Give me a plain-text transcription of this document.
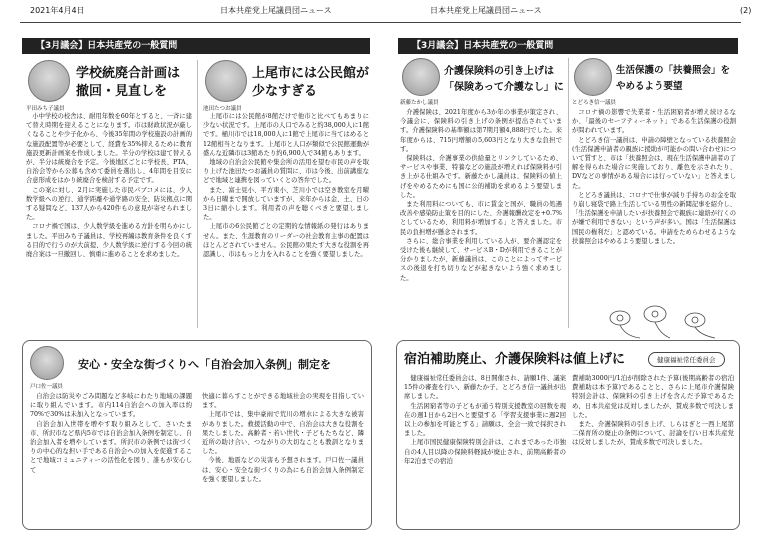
2021年4月4日	日本共産党上尾議員団ニュース	日本共産党上尾議員団ニュース	(2)
【3月議会】日本共産党の一般質問
平田みち子議員
学校統廃合計画は
撤回・見直しを

小中学校の校舎は、耐用年数を60年とすると、一斉に建て替え時期を迎えることになります。市は財政状況が厳しくなることや少子化から、今後35年間の学校施設の計画的な施設配置等が必要として、経費を35%抑えるために教育施設更新計画案を作成しました。半分の学校は建て替えるが、半分は統廃合を予定。今後地区ごとに学校長、PTA、自治会等から公募も含めて委員を選出し、4年間を目安に合意形成をはかり統廃合を検討する予定です。

この案に対し、2月に実施した市民パブコメには、少人数学級への逆行、通学距離や通学路の安全、防災拠点に関する疑問など、137人から420件もの意見が寄せられました。

コロナ禍で国は、少人数学級を進める方針を明らかにしました。平田みち子議員は、学校再編は教育条件を良くする目的で行うのが大前提、少人数学級に逆行する今回の統廃合案は一旦撤回し、慎重に進めることを求めました。

池田たつお議員
上尾市には公民館が
少なすぎる

上尾市には公民館が8館だけで他市と比べてもあまりに少ない状況です。上尾市の人口でみると約38,000人に1館です。桶川市では18,000人に1館で上尾市に当てはめると12館相当となります。上尾市と人口が類似で公民館運動が盛んな近隣市は3館あたり約6,900人で34館もあります。

地域の自治会公民館や集会所の活用を望む市民の声を取り上げた池田たつお議員の質問に、市は今後、出前講座などで地域と連携を図っていくとの答弁でした。

また、富士見小、平方東小、芝川小では空き教室を月曜から日曜まで開放していますが、来年からは金、土、日の3日に縮小します。利用者の声を聴くべきと要望しました。

上尾市の6公民館ごとの定期的な情報紙の発行はありません。また、生涯教育のリーダーの社会教育主事の配置はほとんどされていません。公民館の果たす大きな役割を再認識し、市はもっと力を入れることを強く要望しました。

戸口佐一議員
安心・安全な街づくりへ「自治会加入条例」制定を

自治会は防災やごみ問題など多岐にわたり地域の課題に取り組んでいます。市内114自治会への加入率は約70%で30%は未加入となっています。

自治会加入世帯を増やす取り組みとして、さいたま市、所沢市など県内5市では自治会加入条例を制定し、自治会加入者を増やしています。所沢市の条例では街づくりの中心的な担い手である自治会への加入を促進することで地域コミュニティーの活性化を図り、誰もが安心して

快適に暮らすことができる地域社会の実現を目指しています。

上尾市では、集中豪雨で荒川の増水による大きな被害がありました。救援活動の中で、自治会は大きな役割を果たしました。高齢者・若い世代・子どもたちなど、隣近所の助け合い、つながりの大切なことも教訓となりました。

今後、地震などの災害も予想されます。戸口佐一議員は、安心・安全な街づくりの為にも自治会加入条例制定を強く要望しました。

【3月議会】日本共産党の一般質問
新藤たかし議員
介護保険料の引き上げは
「保険あって介護なし」に

介護保険は、2021年度から3か年の事業が策定され、今議会に、保険料の引き上げの条例が提出されています。介護保険料の基準額は第7期月額4,888円でした。来年度からは、715円増額の5,603円となり大きな負担です。

保険料は、介護事業の供給量とリンクしているため、サービスや事業、特養などの施設が増えれば保険料が引き上がる仕組みです。新藤たかし議員は、保険料の値上げをやめるためにも国に公的補助を求めるよう要望しました。

また利用料についても、市に賃金と国が、職員の処遇改善や感染防止策を目的にした、介護報酬改定を+0.7%としているため、利用料が増加する」と答えました。市民の負担増が懸念されます。

さらに、総合事業を利用している人が、要介護認定を受けた後も継続して、サービスB・Dが利用できることが分かりましたが、新藤議員は、このことによってサービスの後退を打ち切りなどが起きないよう強く求めました。

とどろき信一議員
生活保護の「扶養照会」を
やめるよう要望

コロナ禍の影響で失業者・生活困窮者が増え続けるなか、「最後のセーフティーネット」である生活保護の役割が問われています。

とどろき信一議員は、申請の障壁となっている扶養照会(生活保護申請者の親族に援助が可能かの問い合わせ)について質すと、市は「扶養照会は、現在生活保護申請者の了解を得られた場合に実施しており、離色を示されたり、DVなどの事情がある場合には行っていない」と答えました。

とどろき議員は、コロナで仕事が減り手持ちのお金を取り崩し寝袋で路上生活している男性の新聞記事を紹介し、「生活保護を申請したいが扶養照会で親族に連絡が行くのが嫌で利用できない」という声が多い。国は「生活保護は国民の権利だ」と認めている。申請をためらわせるような扶養照会はやめるよう要望しました。

宿泊補助廃止、介護保険料は値上げに	健康福祉常任委員会

健康福祉常任委員会は、8日開催され、請願1件、議案15件の審査を行い、新藤たか子、とどろき信一議員が出席しました。

生活困窮者等の子どもが通う特別支援教室の回数を現在の週1日から2日へと要望する「学習支援事業に週2回以上の参加を可能とする」請願は、全会一致で採択されました。

上尾市国民健康保険特別会計は、これまであった市独自の4人目以降の保険料軽減が廃止され、前期高齢者の年2泊までの宿泊

費補助3000円/1泊が削除された予算(後期高齢者の宿泊費補助は本予算)であることと、さらに上尾市介護保険特別会計は、保険料の引き上げを含んだ予算であるため、日本共産党は反対しましたが、賛成多数で可決しました。

また、介護保険料の引き上げ、しらはぎと一西上尾第二保育所の廃止の条例について、討論を行い日本共産党は反対しましたが、賛成多数で可決しました。
